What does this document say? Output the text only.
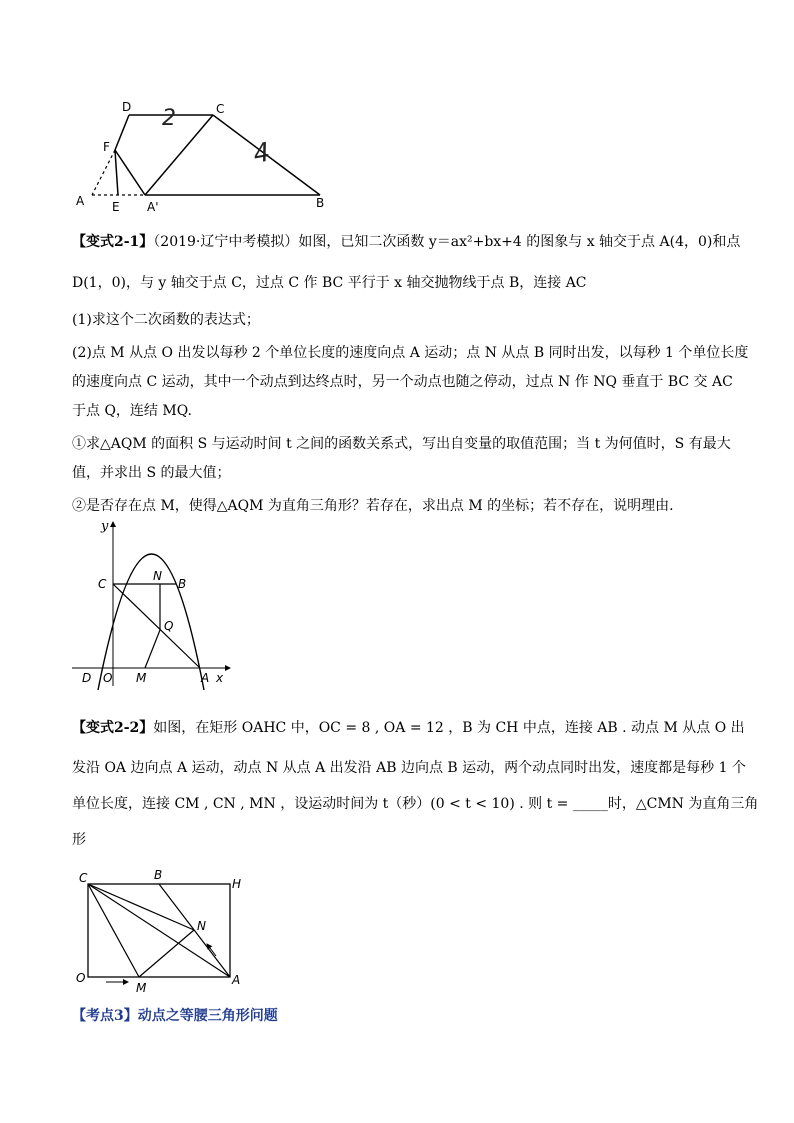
2
4
D	C
F
A E A'	B
【变式2-1】（2019·辽宁中考模拟）如图，已知二次函数 y＝ax²+bx+4 的图象与 x 轴交于点 A(4，0)和点
D(1，0)，与 y 轴交于点 C，过点 C 作 BC 平行于 x 轴交抛物线于点 B，连接 AC
(1)求这个二次函数的表达式；
(2)点 M 从点 O 出发以每秒 2 个单位长度的速度向点 A 运动；点 N 从点 B 同时出发，以每秒 1 个单位长度
的速度向点 C 运动，其中一个动点到达终点时，另一个动点也随之停动，过点 N 作 NQ 垂直于 BC 交 AC
于点 Q，连结 MQ.
①求△AQM 的面积 S 与运动时间 t 之间的函数关系式，写出自变量的取值范围；当 t 为何值时，S 有最大
值，并求出 S 的最大值；
②是否存在点 M，使得△AQM 为直角三角形？若存在，求出点 M 的坐标；若不存在，说明理由.
y
x
C
N
B
Q
D O M	A
【变式2-2】如图，在矩形 OAHC 中，OC = 8 , OA = 12 ，B 为 CH 中点，连接 AB . 动点 M 从点 O 出
发沿 OA 边向点 A 运动，动点 N 从点 A 出发沿 AB 边向点 B 运动，两个动点同时出发，速度都是每秒 1 个
单位长度，连接 CM , CN , MN ，设运动时间为 t（秒）(0 < t < 10) . 则 t = _____时，△CMN 为直角三角
形
C	B
H
N
O
M
A
【考点3】动点之等腰三角形问题
